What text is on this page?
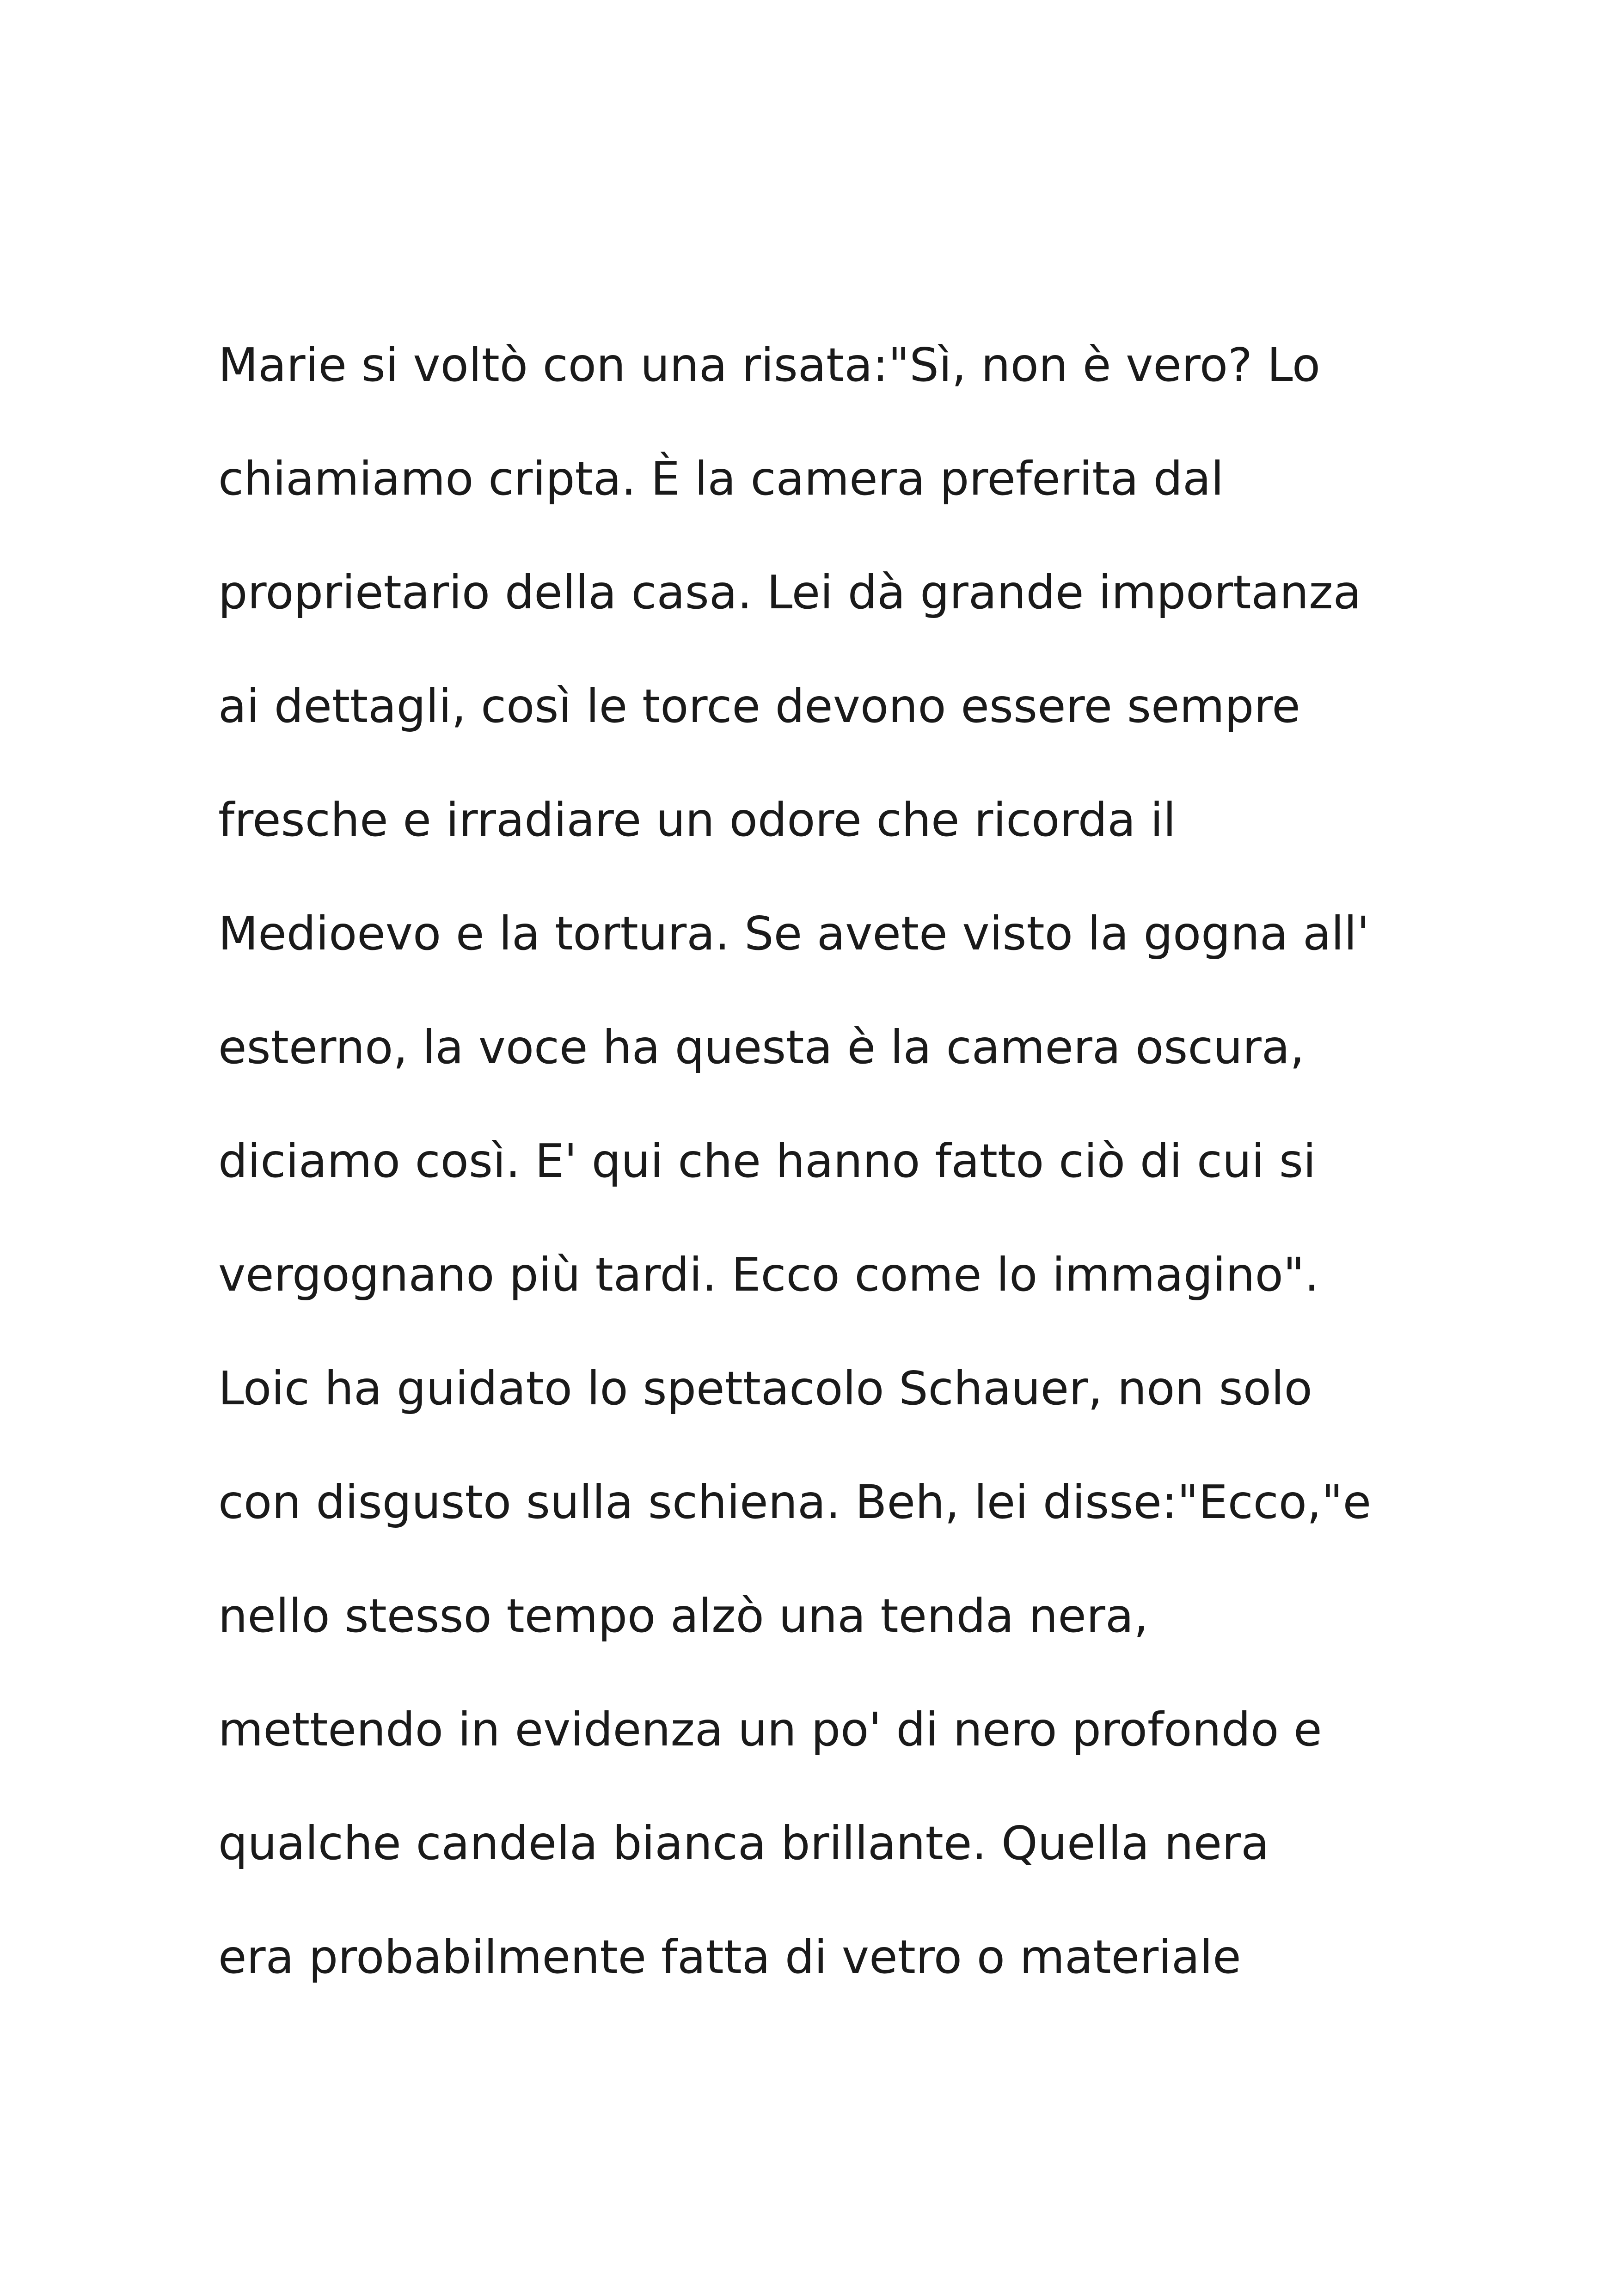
Marie si voltò con una risata:"Sì, non è vero? Lo
chiamiamo cripta. È la camera preferita dal
proprietario della casa. Lei dà grande importanza
ai dettagli, così le torce devono essere sempre
fresche e irradiare un odore che ricorda il
Medioevo e la tortura. Se avete visto la gogna all'
esterno, la voce ha questa è la camera oscura,
diciamo così. E' qui che hanno fatto ciò di cui si
vergognano più tardi. Ecco come lo immagino".
Loic ha guidato lo spettacolo Schauer, non solo
con disgusto sulla schiena. Beh, lei disse:"Ecco,"e
nello stesso tempo alzò una tenda nera,
mettendo in evidenza un po' di nero profondo e
qualche candela bianca brillante. Quella nera
era probabilmente fatta di vetro o materiale
